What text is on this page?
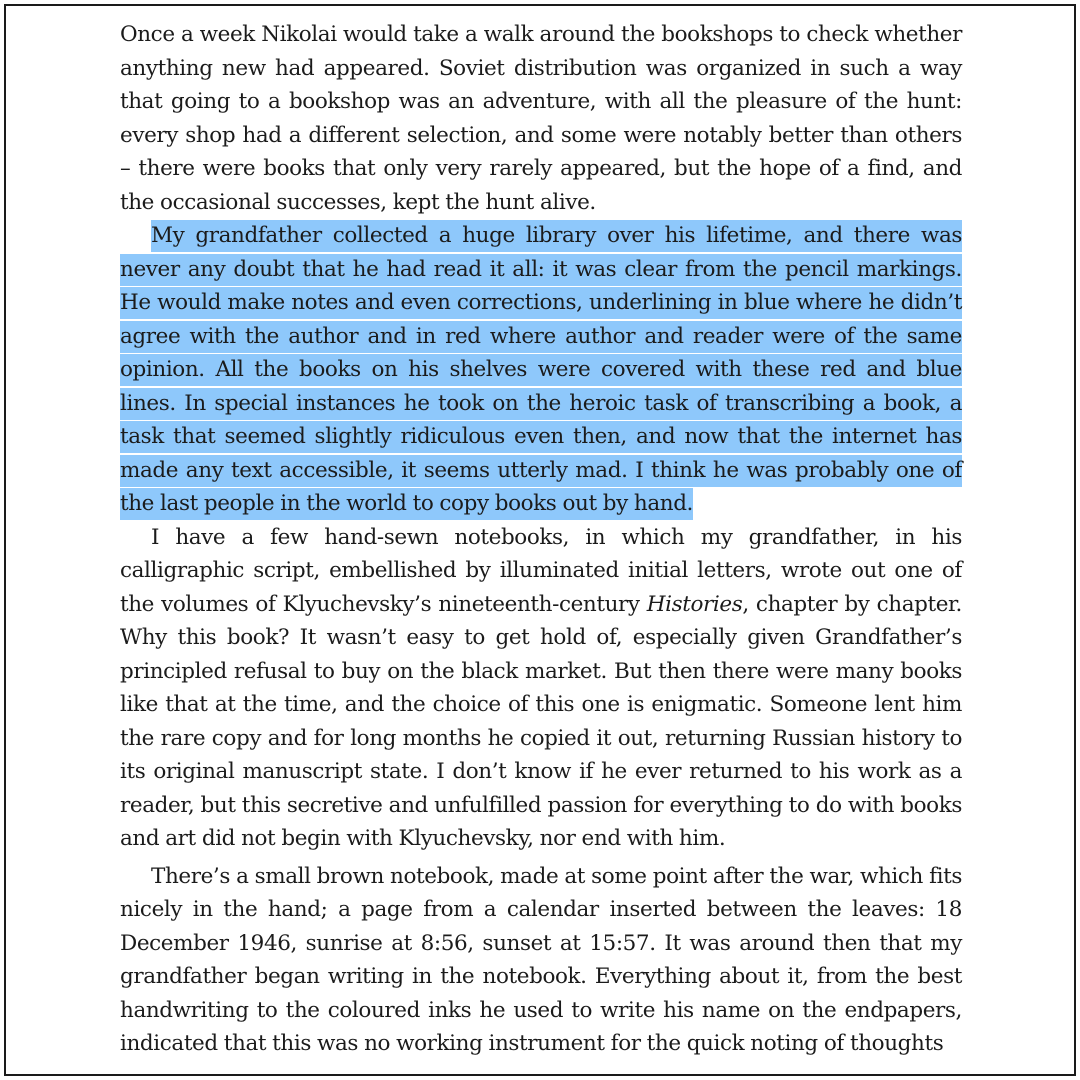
Once a week Nikolai would take a walk around the bookshops to check whether anything new had appeared. Soviet distribution was organized in such a way that going to a bookshop was an adventure, with all the pleasure of the hunt: every shop had a different selection, and some were notably better than others – there were books that only very rarely appeared, but the hope of a find, and the occasional successes, kept the hunt alive.

My grandfather collected a huge library over his lifetime, and there was never any doubt that he had read it all: it was clear from the pencil markings. He would make notes and even corrections, underlining in blue where he didn’t agree with the author and in red where author and reader were of the same opinion. All the books on his shelves were covered with these red and blue lines. In special instances he took on the heroic task of transcribing a book, a task that seemed slightly ridiculous even then, and now that the internet has made any text accessible, it seems utterly mad. I think he was probably one of the last people in the world to copy books out by hand.

I have a few hand-sewn notebooks, in which my grandfather, in his calligraphic script, embellished by illuminated initial letters, wrote out one of the volumes of Klyuchevsky’s nineteenth-century Histories, chapter by chapter. Why this book? It wasn’t easy to get hold of, especially given Grandfather’s principled refusal to buy on the black market. But then there were many books like that at the time, and the choice of this one is enigmatic. Someone lent him the rare copy and for long months he copied it out, returning Russian history to its original manuscript state. I don’t know if he ever returned to his work as a reader, but this secretive and unfulfilled passion for everything to do with books and art did not begin with Klyuchevsky, nor end with him.

There’s a small brown notebook, made at some point after the war, which fits nicely in the hand; a page from a calendar inserted between the leaves: 18 December 1946, sunrise at 8:56, sunset at 15:57. It was around then that my grandfather began writing in the notebook. Everything about it, from the best handwriting to the coloured inks he used to write his name on the endpapers, indicated that this was no working instrument for the quick noting of thoughts
